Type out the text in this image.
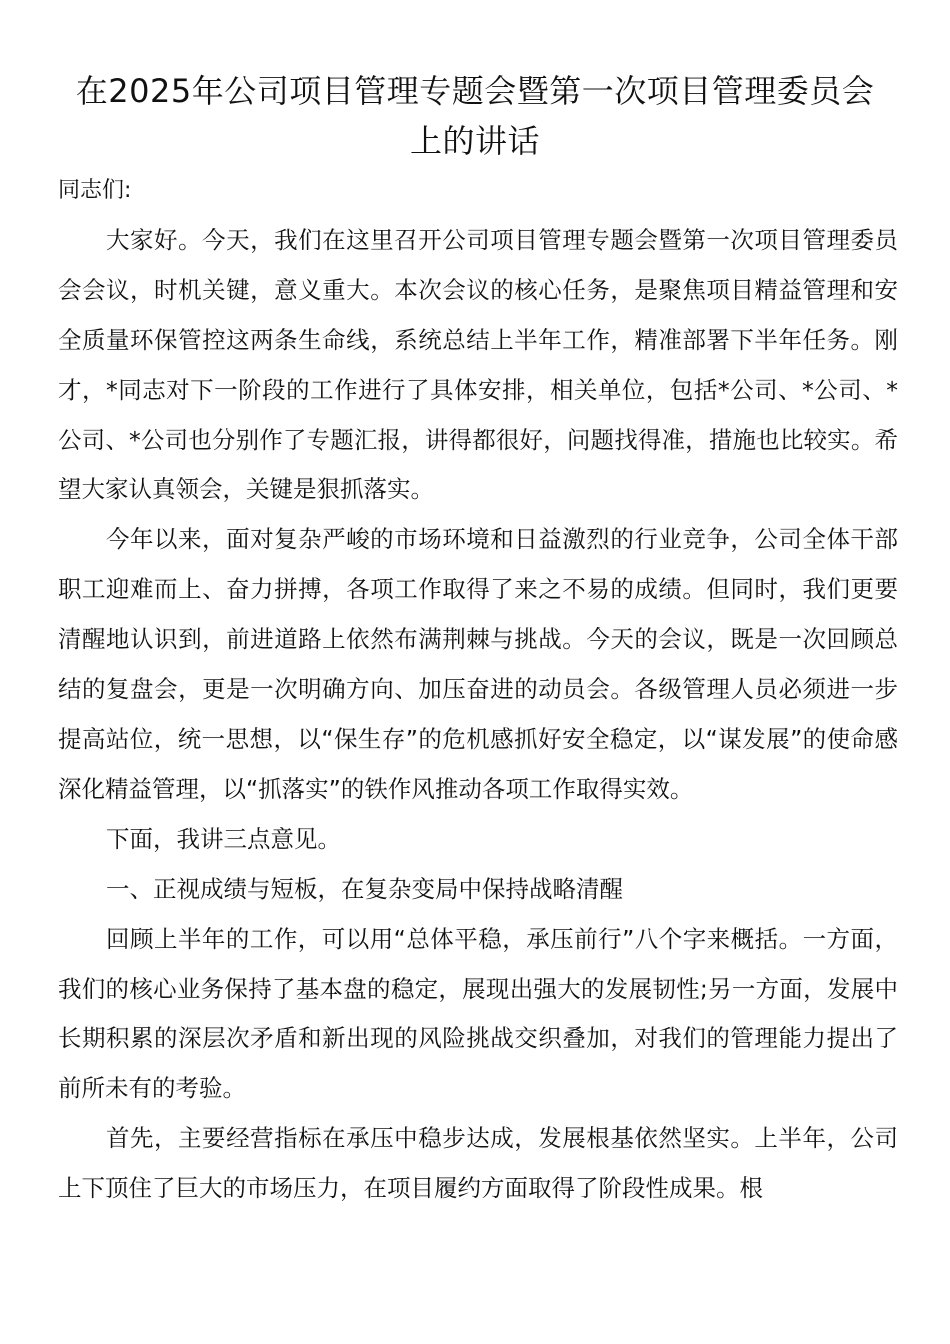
在2025年公司项目管理专题会暨第一次项目管理委员会上的讲话

同志们:

大家好。今天，我们在这里召开公司项目管理专题会暨第一次项目管理委员会会议，时机关键，意义重大。本次会议的核心任务，是聚焦项目精益管理和安全质量环保管控这两条生命线，系统总结上半年工作，精准部署下半年任务。刚才，*同志对下一阶段的工作进行了具体安排，相关单位，包括*公司、*公司、*公司、*公司也分别作了专题汇报，讲得都很好，问题找得准，措施也比较实。希望大家认真领会，关键是狠抓落实。

今年以来，面对复杂严峻的市场环境和日益激烈的行业竞争，公司全体干部职工迎难而上、奋力拼搏，各项工作取得了来之不易的成绩。但同时，我们更要清醒地认识到，前进道路上依然布满荆棘与挑战。今天的会议，既是一次回顾总结的复盘会，更是一次明确方向、加压奋进的动员会。各级管理人员必须进一步提高站位，统一思想，以“保生存”的危机感抓好安全稳定，以“谋发展”的使命感深化精益管理，以“抓落实”的铁作风推动各项工作取得实效。

下面，我讲三点意见。

一、正视成绩与短板，在复杂变局中保持战略清醒

回顾上半年的工作，可以用“总体平稳，承压前行”八个字来概括。一方面，我们的核心业务保持了基本盘的稳定，展现出强大的发展韧性;另一方面，发展中长期积累的深层次矛盾和新出现的风险挑战交织叠加，对我们的管理能力提出了前所未有的考验。

首先，主要经营指标在承压中稳步达成，发展根基依然坚实。上半年，公司上下顶住了巨大的市场压力，在项目履约方面取得了阶段性成果。根
